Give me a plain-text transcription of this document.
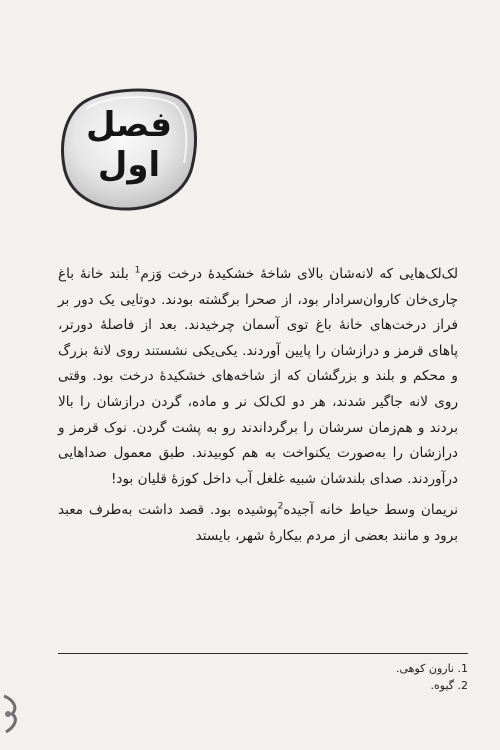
فصل
اول

لک‌لک‌هایی که لانه‌شان بالای شاخهٔ خشکیدهٔ درخت وَزم$^1$ بلند خانهٔ باغ چاری‌خان کاروان‌سرادار بود، از صحرا برگشته بودند. دوتایی یک دور بر فراز درخت‌های خانهٔ باغ توی آسمان چرخیدند. بعد از فاصلهٔ دورتر، پاهای قرمز و درازشان را پایین آوردند. یکی‌یکی نشستند روی لانهٔ بزرگ و محکم و بلند و بزرگشان که از شاخه‌های خشکیدهٔ درخت بود. وقتی روی لانه جاگیر شدند، هر دو لک‌لک نر و ماده، گردن درازشان را بالا بردند و هم‌زمان سرشان را برگرداندند رو به پشت گردن. نوک قرمز و درازشان را به‌صورت یکنواخت به هم کوبیدند. طبق معمول صداهایی درآوردند. صدای بلندشان شبیه غلغل آب داخل کوزهٔ قلیان بود!

نریمان وسط حیاط خانه آجیده$^2$پوشیده بود. قصد داشت به‌طرف معبد برود و مانند بعضی از مردم بیکارهٔ شهر، بایستد

1. نارون کوهی.
2. گیوه.
